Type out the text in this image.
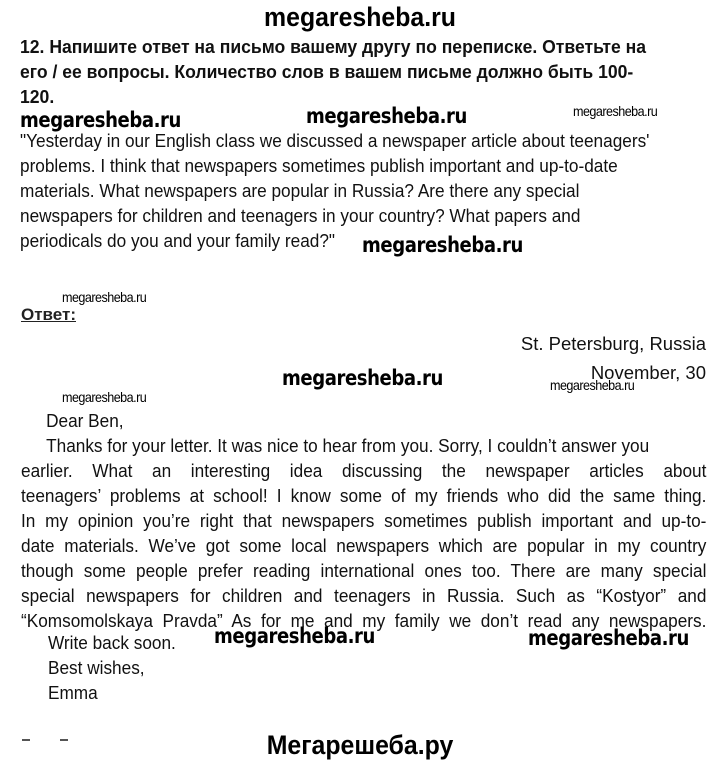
megaresheba.ru
12. Напишите ответ на письмо вашему другу по переписке. Ответьте на
его / ее вопросы. Количество слов в вашем письме должно быть 100-
120.
megaresheba.ru	megaresheba.ru	megaresheba.ru
"Yesterday in our English class we discussed a newspaper article about teenagers'
problems. I think that newspapers sometimes publish important and up-to-date
materials. What newspapers are popular in Russia? Are there any special
newspapers for children and teenagers in your country? What papers and
periodicals do you and your family read?"	megaresheba.ru
megaresheba.ru
Ответ:
St. Petersburg, Russia
November, 30
megaresheba.ru	megaresheba.ru
megaresheba.ru
Dear Ben,
Thanks for your letter. It was nice to hear from you. Sorry, I couldn’t answer you
earlier. What an interesting idea discussing the newspaper articles about
teenagers’ problems at school! I know some of my friends who did the same thing.
In my opinion you’re right that newspapers sometimes publish important and up-to-
date materials. We’ve got some local newspapers which are popular in my country
though some people prefer reading international ones too. There are many special
special newspapers for children and teenagers in Russia. Such as “Kostyor” and
“Komsomolskaya Pravda” As for me and my family we don’t read any newspapers.
Write back soon.
Best wishes,
Emma
megaresheba.ru	megaresheba.ru
Мегарешеба.ру
